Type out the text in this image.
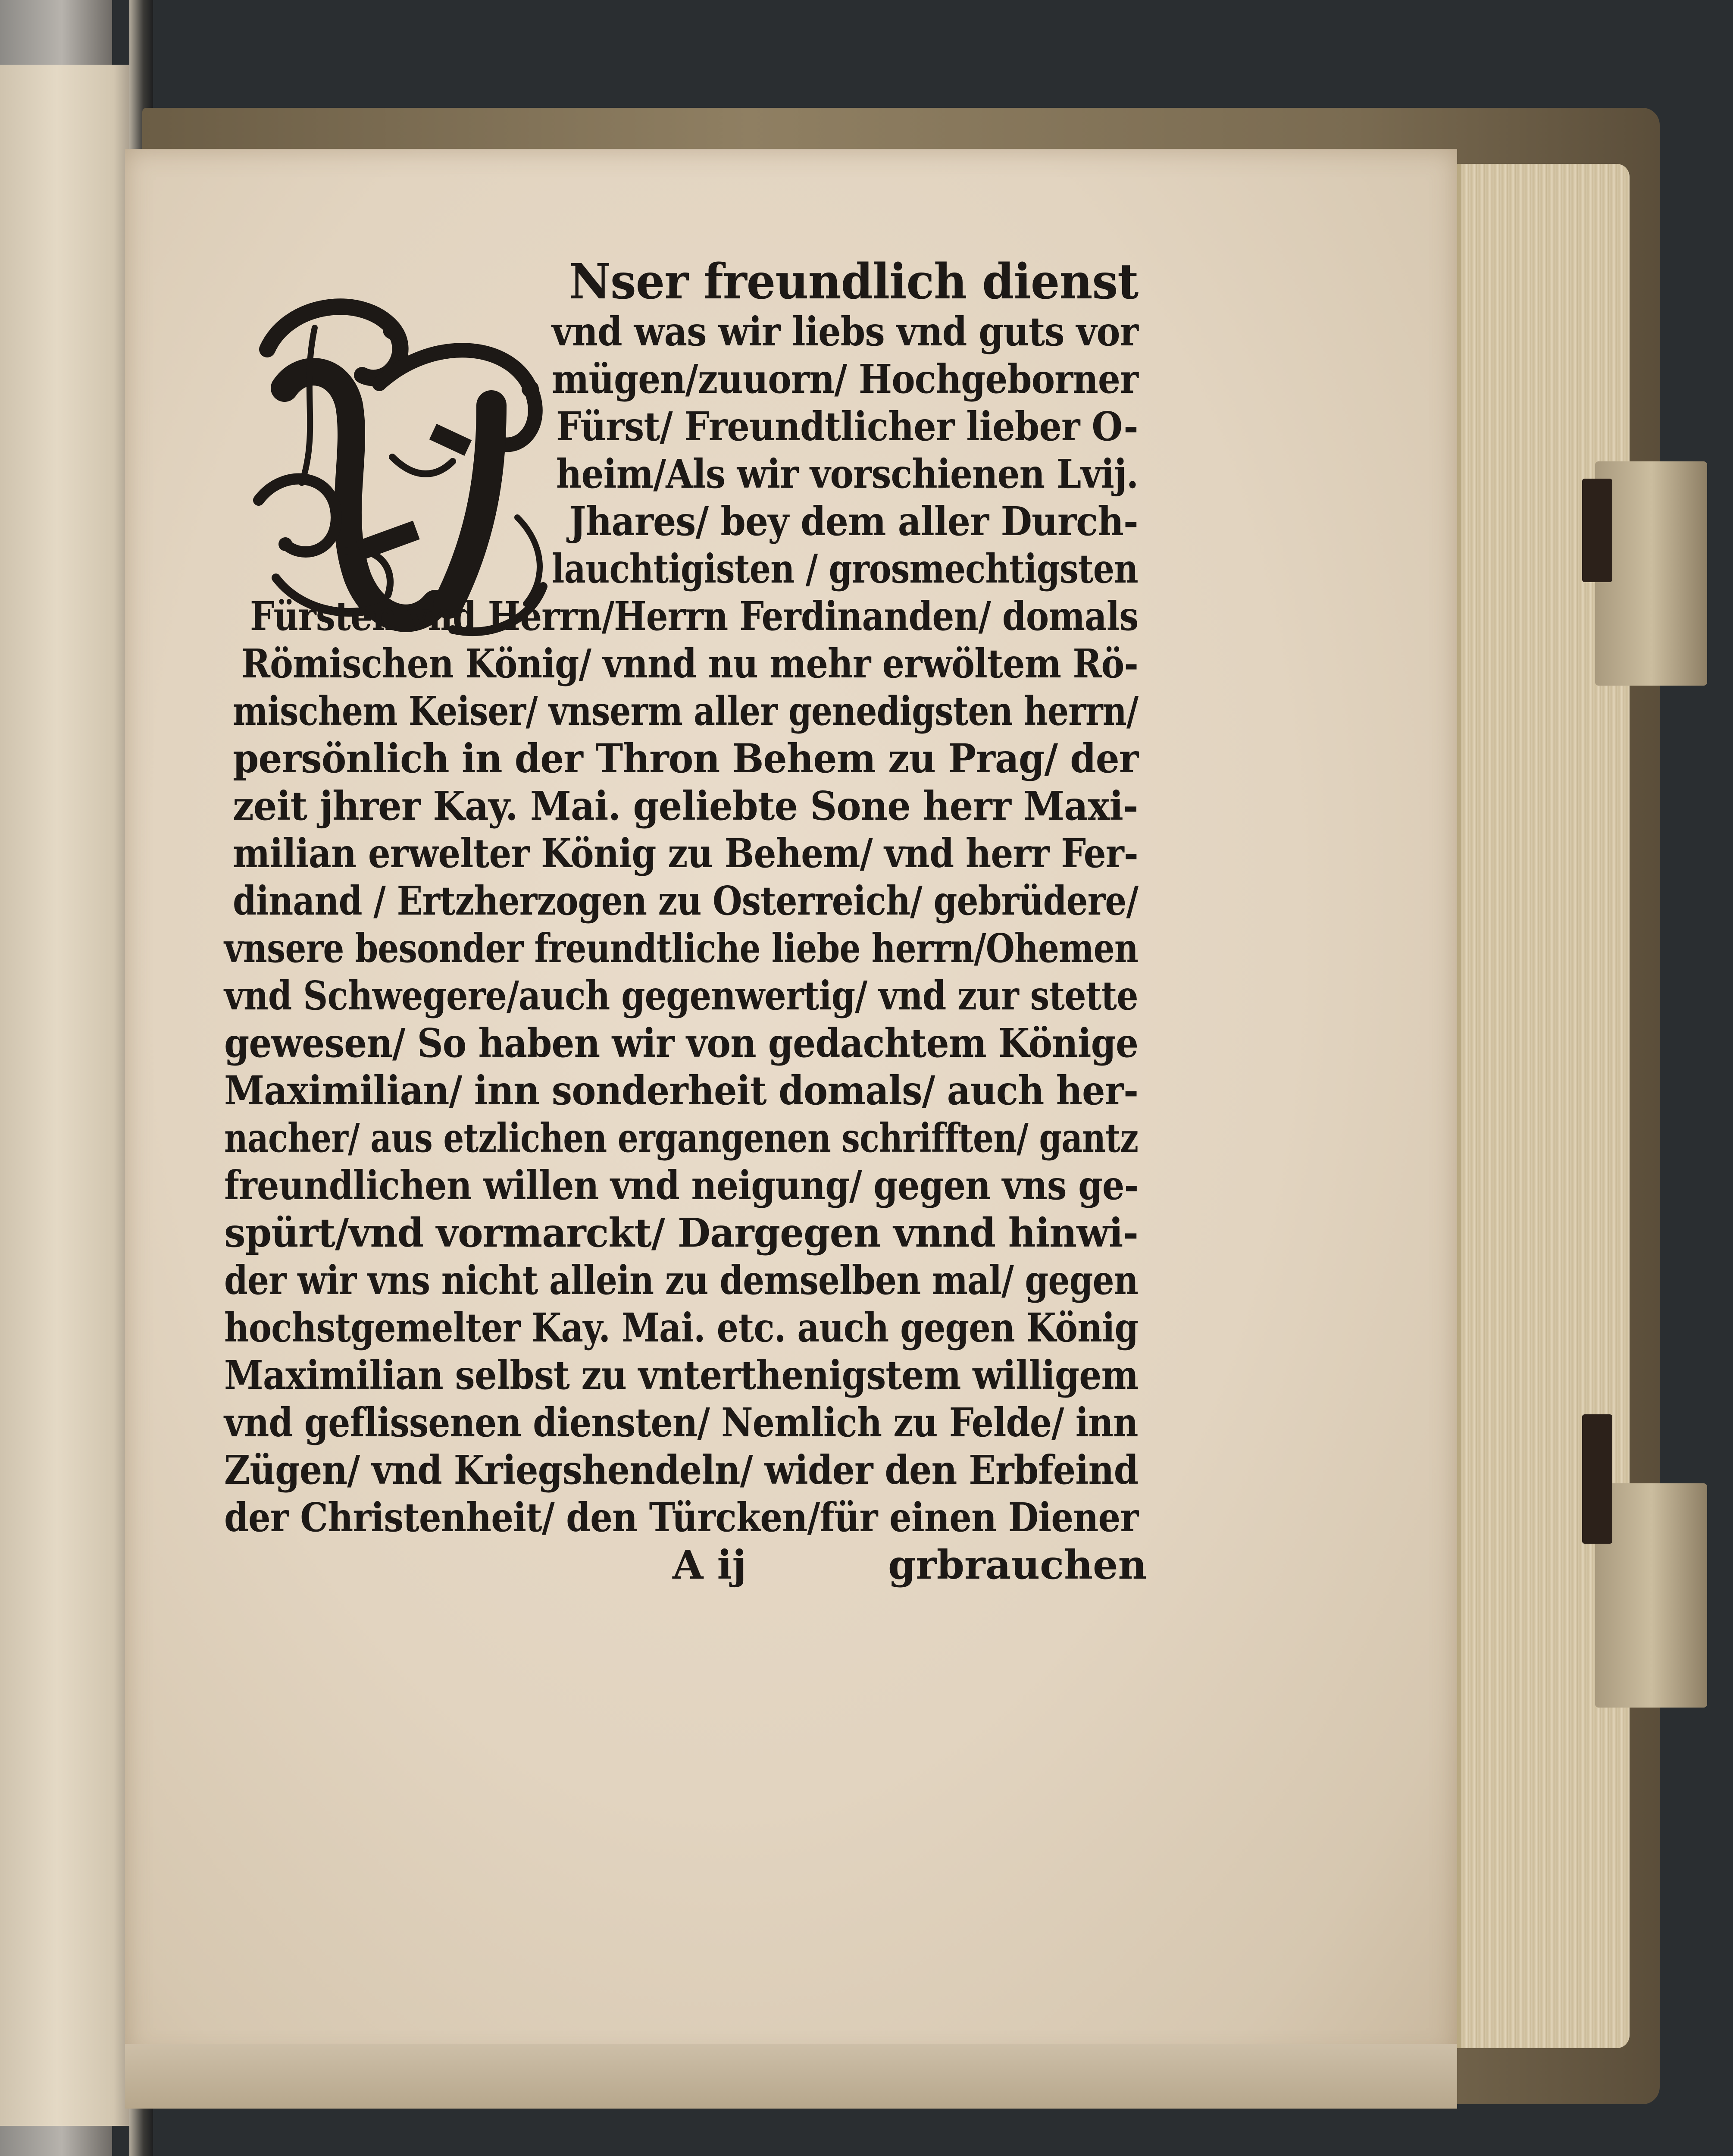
Nser freundlich dienst
vnd was wir liebs vnd guts vor
mügen/zuuorn/ Hochgeborner
Fürst/ Freundtlicher lieber O-
heim/Als wir vorschienen Lvij.
Jhares/ bey dem aller Durch-
lauchtigisten / grosmechtigsten
Fürsten vnd Herrn/Herrn Ferdinanden/ domals
Römischen König/ vnnd nu mehr erwöltem Rö-
mischem Keiser/ vnserm aller genedigsten herrn/
persönlich in der Thron Behem zu Prag/ der
zeit jhrer Kay. Mai. geliebte Sone herr Maxi-
milian erwelter König zu Behem/ vnd herr Fer-
dinand / Ertzherzogen zu Osterreich/ gebrüdere/
vnsere besonder freundtliche liebe herrn/Ohemen
vnd Schwegere/auch gegenwertig/ vnd zur stette
gewesen/ So haben wir von gedachtem Könige
Maximilian/ inn sonderheit domals/ auch her-
nacher/ aus etzlichen ergangenen schrifften/ gantz
freundlichen willen vnd neigung/ gegen vns ge-
spürt/vnd vormarckt/ Dargegen vnnd hinwi-
der wir vns nicht allein zu demselben mal/ gegen
hochstgemelter Kay. Mai. etc. auch gegen König
Maximilian selbst zu vnterthenigstem willigem
vnd geflissenen diensten/ Nemlich zu Felde/ inn
Zügen/ vnd Kriegshendeln/ wider den Erbfeind
der Christenheit/ den Türcken/für einen Diener
A ij	grbrauchen
